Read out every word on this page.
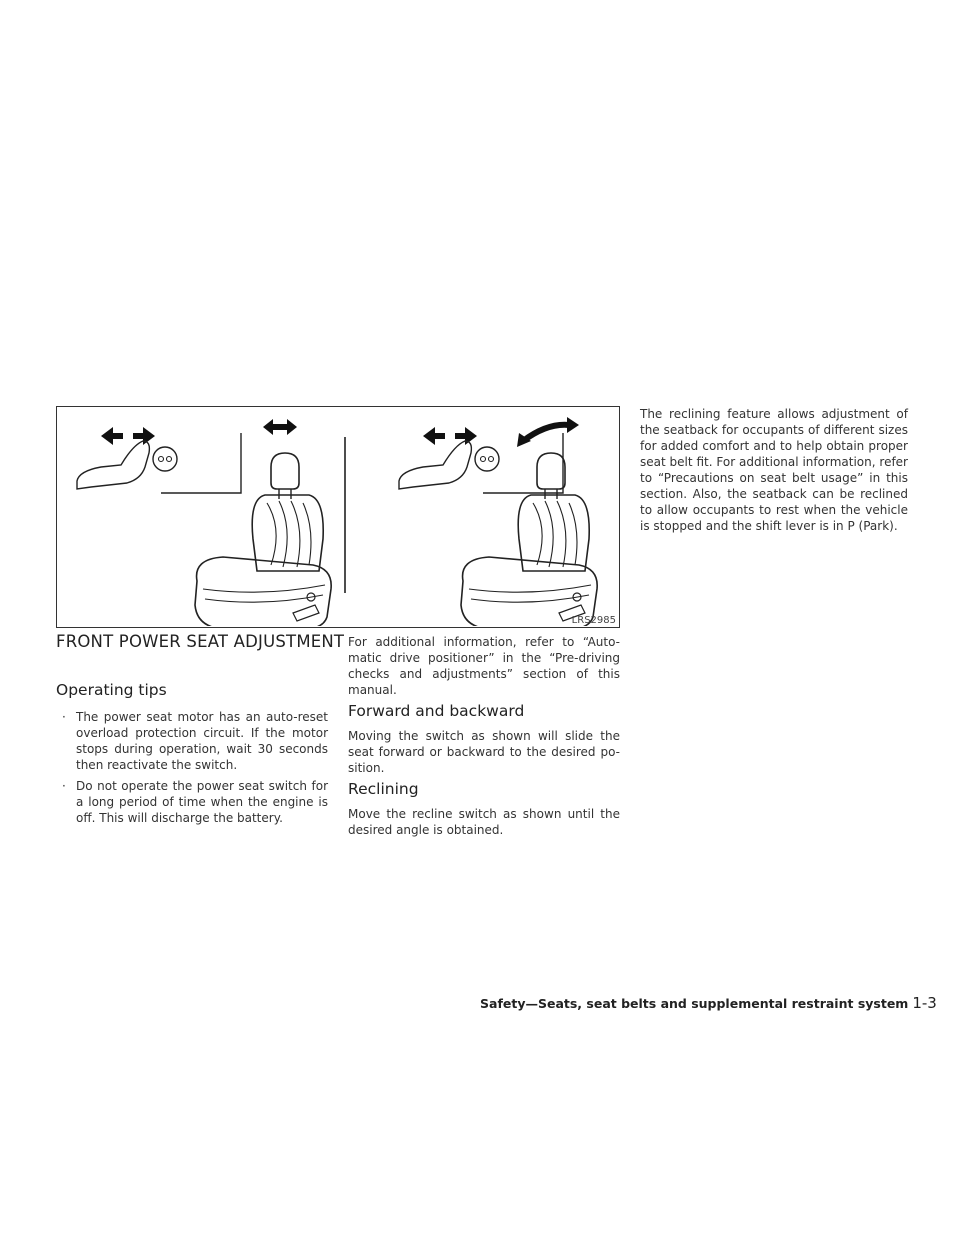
LRS2985
FRONT POWER SEAT ADJUSTMENT
Operating tips
· The power seat motor has an auto-reset overload protection circuit. If the motor stops during operation, wait 30 seconds then reactivate the switch.
· Do not operate the power seat switch for a long period of time when the engine is off. This will discharge the battery.

For additional information, refer to “Auto-matic drive positioner” in the “Pre-driving checks and adjustments” section of this manual.

Forward and backward

Moving the switch as shown will slide the seat forward or backward to the desired po-sition.

Reclining

Move the recline switch as shown until the desired angle is obtained.

The reclining feature allows adjustment of the seatback for occupants of different sizes for added comfort and to help obtain proper seat belt fit. For additional information, refer to “Precautions on seat belt usage” in this section. Also, the seatback can be reclined to allow occupants to rest when the vehicle is stopped and the shift lever is in P (Park).

Safety—Seats, seat belts and supplemental restraint system 1-3
